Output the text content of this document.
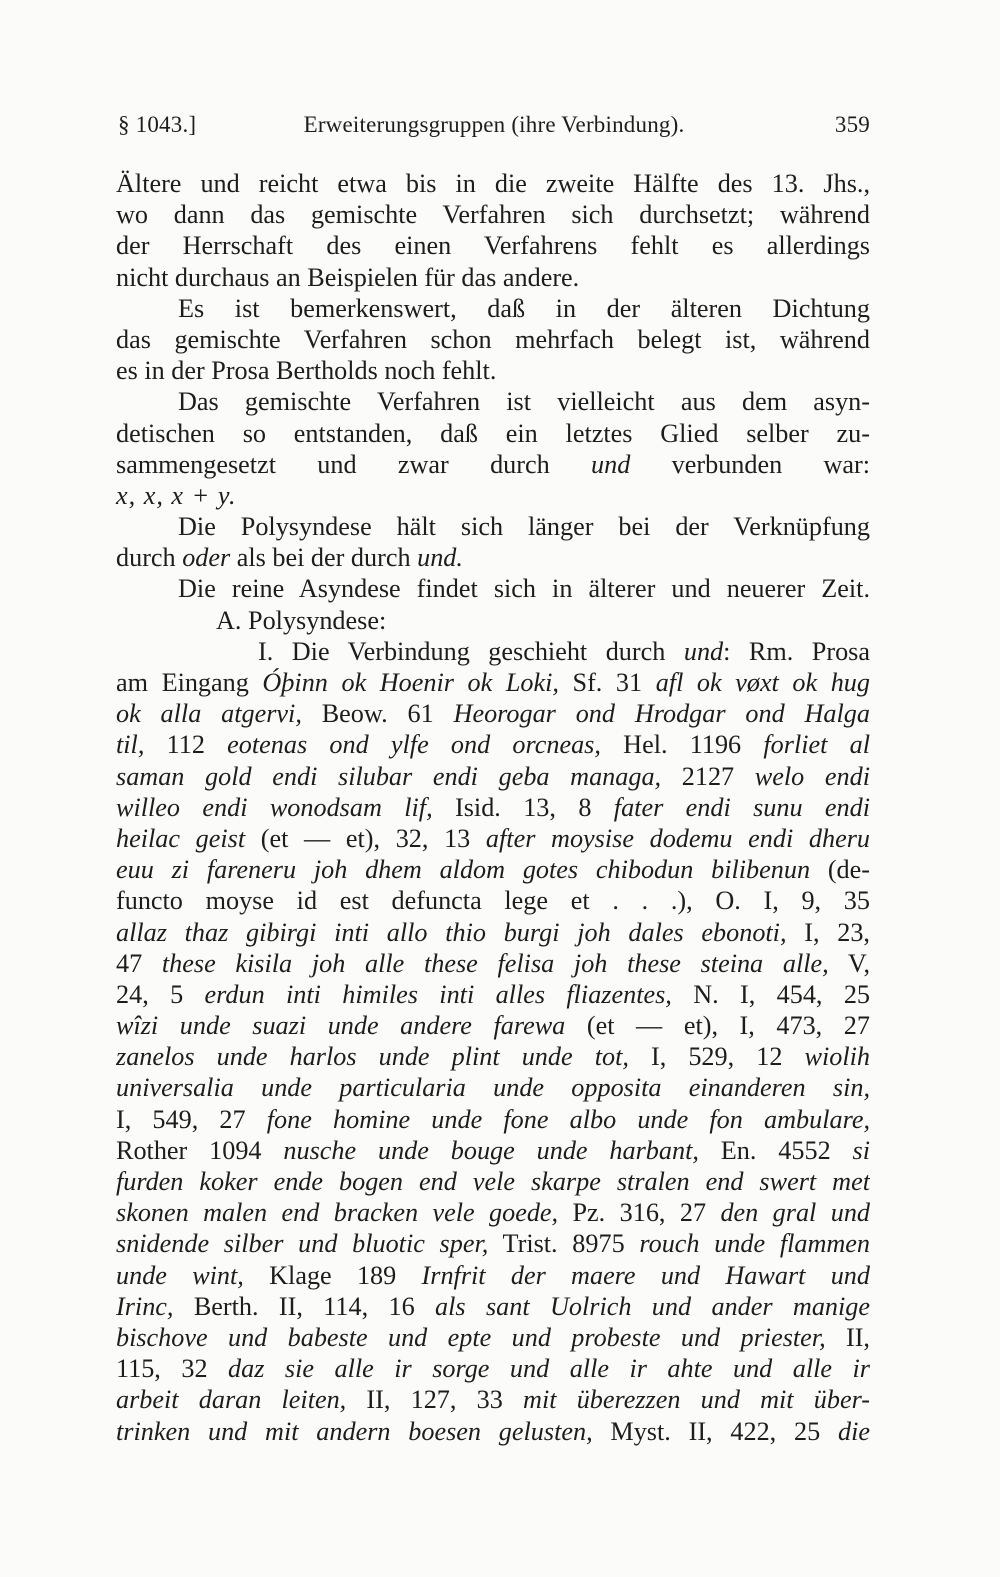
§ 1043.]	Erweiterungsgruppen (ihre Verbindung).	359
Ältere und reicht etwa bis in die zweite Hälfte des 13. Jhs.,
wo dann das gemischte Verfahren sich durchsetzt; während
der Herrschaft des einen Verfahrens fehlt es allerdings
nicht durchaus an Beispielen für das andere.
Es ist bemerkenswert, daß in der älteren Dichtung
das gemischte Verfahren schon mehrfach belegt ist, während
es in der Prosa Bertholds noch fehlt.
Das gemischte Verfahren ist vielleicht aus dem asyn-
detischen so entstanden, daß ein letztes Glied selber zu-
sammengesetzt und zwar durch und verbunden war:
x, x, x + y.
Die Polysyndese hält sich länger bei der Verknüpfung
durch oder als bei der durch und.
Die reine Asyndese findet sich in älterer und neuerer Zeit.
A. Polysyndese:
I. Die Verbindung geschieht durch und: Rm. Prosa
am Eingang Óþinn ok Hoenir ok Loki, Sf. 31 afl ok vøxt ok hug
ok alla atgervi, Beow. 61 Heorogar ond Hrodgar ond Halga
til, 112 eotenas ond ylfe ond orcneas, Hel. 1196 forliet al
saman gold endi silubar endi geba managa, 2127 welo endi
willeo endi wonodsam lif, Isid. 13, 8 fater endi sunu endi
heilac geist (et — et), 32, 13 after moysise dodemu endi dheru
euu zi fareneru joh dhem aldom gotes chibodun bilibenun (de-
functo moyse id est defuncta lege et . . .), O. I, 9, 35
allaz thaz gibirgi inti allo thio burgi joh dales ebonoti, I, 23,
47 these kisila joh alle these felisa joh these steina alle, V,
24, 5 erdun inti himiles inti alles fliazentes, N. I, 454, 25
wîzi unde suazi unde andere farewa (et — et), I, 473, 27
zanelos unde harlos unde plint unde tot, I, 529, 12 wiolih
universalia unde particularia unde opposita einanderen sin,
I, 549, 27 fone homine unde fone albo unde fon ambulare,
Rother 1094 nusche unde bouge unde harbant, En. 4552 si
furden koker ende bogen end vele skarpe stralen end swert met
skonen malen end bracken vele goede, Pz. 316, 27 den gral und
snidende silber und bluotic sper, Trist. 8975 rouch unde flammen
unde wint, Klage 189 Irnfrit der maere und Hawart und
Irinc, Berth. II, 114, 16 als sant Uolrich und ander manige
bischove und babeste und epte und probeste und priester, II,
115, 32 daz sie alle ir sorge und alle ir ahte und alle ir
arbeit daran leiten, II, 127, 33 mit überezzen und mit über-
trinken und mit andern boesen gelusten, Myst. II, 422, 25 die
